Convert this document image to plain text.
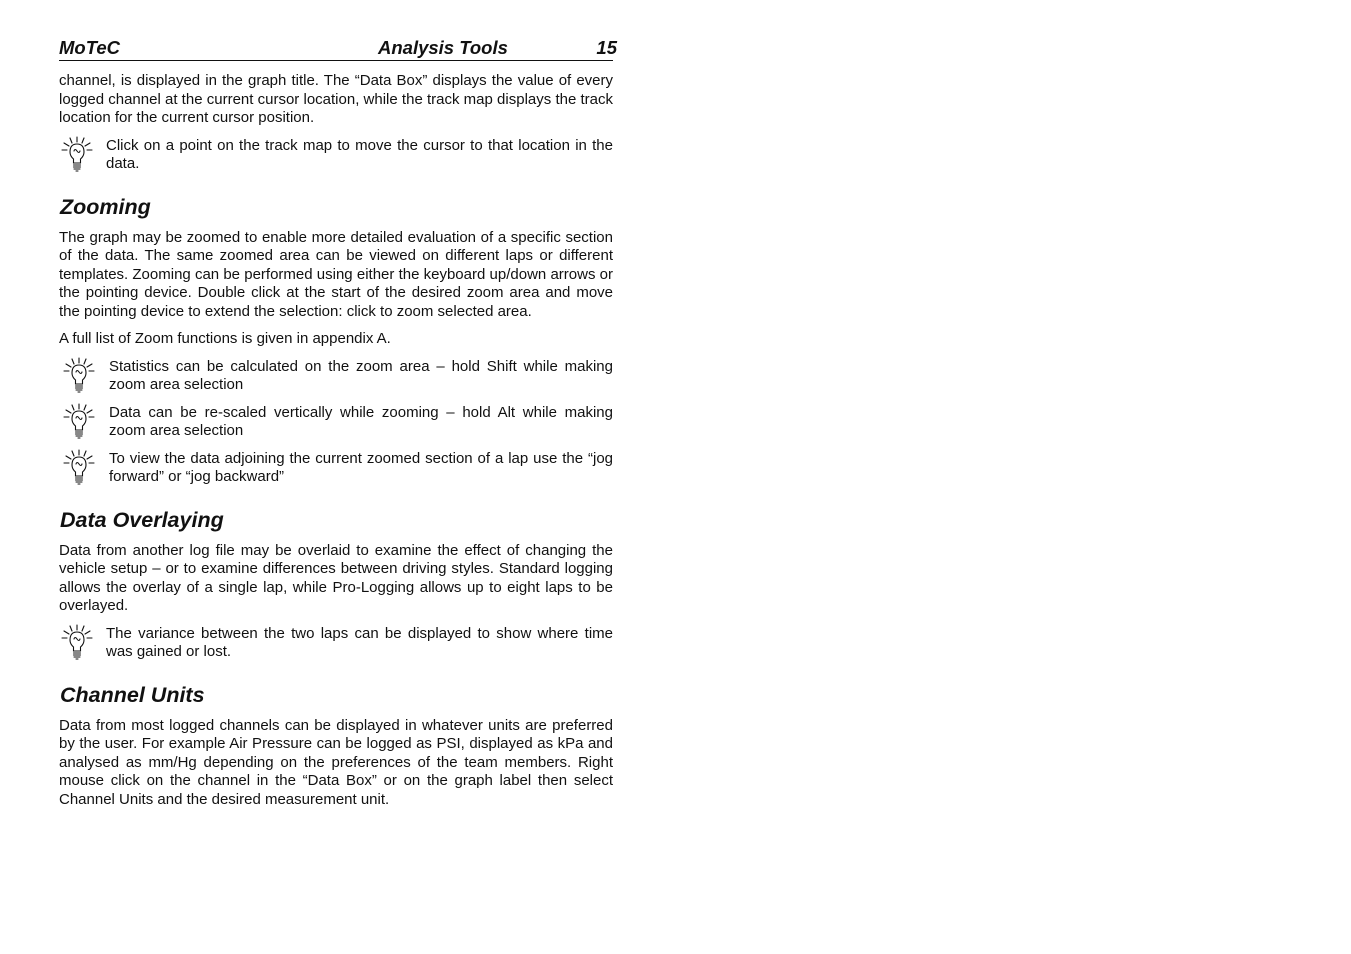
MoTeC	Analysis Tools	15

channel, is displayed in the graph title. The “Data Box” displays the value of every logged channel at the current cursor location, while the track map displays the track location for the current cursor position.

Click on a point on the track map to move the cursor to that location in the data.

Zooming

The graph may be zoomed to enable more detailed evaluation of a specific section of the data. The same zoomed area can be viewed on different laps or different templates. Zooming can be performed using either the keyboard up/down arrows or the pointing device. Double click at the start of the desired zoom area and move the pointing device to extend the selection: click to zoom selected area.

A full list of Zoom functions is given in appendix A.

Statistics can be calculated on the zoom area – hold Shift while making zoom area selection

Data can be re-scaled vertically while zooming – hold Alt while making zoom area selection

To view the data adjoining the current zoomed section of a lap use the “jog forward” or “jog backward”

Data Overlaying

Data from another log file may be overlaid to examine the effect of changing the vehicle setup – or to examine differences between driving styles. Standard logging allows the overlay of a single lap, while Pro-Logging allows up to eight laps to be overlayed.

The variance between the two laps can be displayed to show where time was gained or lost.

Channel Units

Data from most logged channels can be displayed in whatever units are preferred by the user. For example Air Pressure can be logged as PSI, displayed as kPa and analysed as mm/Hg depending on the preferences of the team members. Right mouse click on the channel in the “Data Box” or on the graph label then select Channel Units and the desired measurement unit.
